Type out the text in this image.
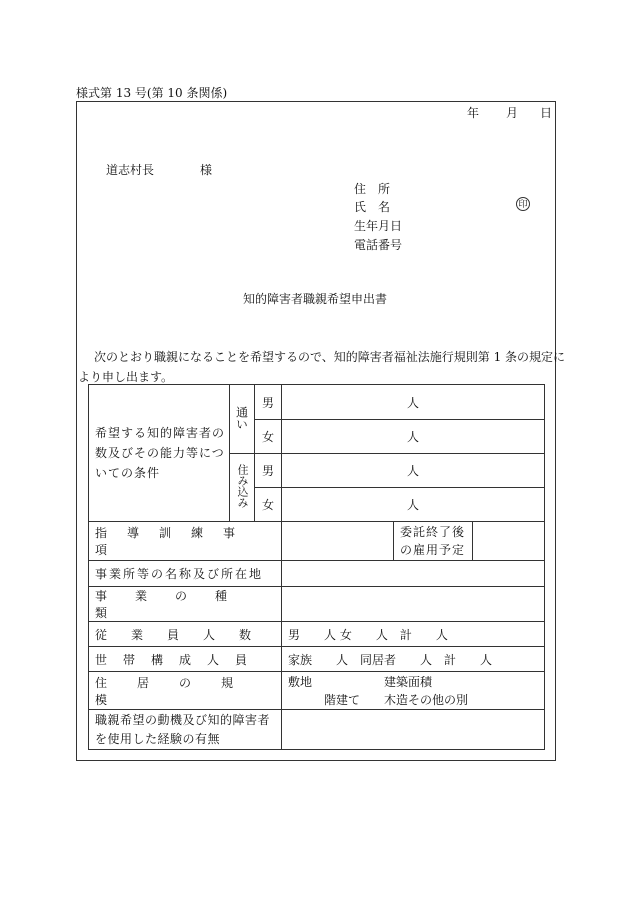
様式第 13 号(第 10 条関係)
年 月 日
道志村長	様
住　所
氏　名	印
生年月日
電話番号
知的障害者職親希望申出書
次のとおり職親になることを希望するので、知的障害者福祉法施行規則第 1 条の規定に
より申し出ます。
希望する知的障害者の数及びその能力等についての条件	通い	男	人		
		女	人		
	住み込み	男	人		
		女	人		
指導訓練事項				委託終了後の雇用予定	
事業所等の名称及び所在地					
事業の種類					
従業員人数			男　　人 女　　人　計　　人		
世帯構成人員			家族　　人　同居者　　人　計　　人		
住居の規模			敷地　　　　　　建築面積
階建て　　木造その他の別		

職親希望の動機及び知的障害者を使用した経験の有無					
